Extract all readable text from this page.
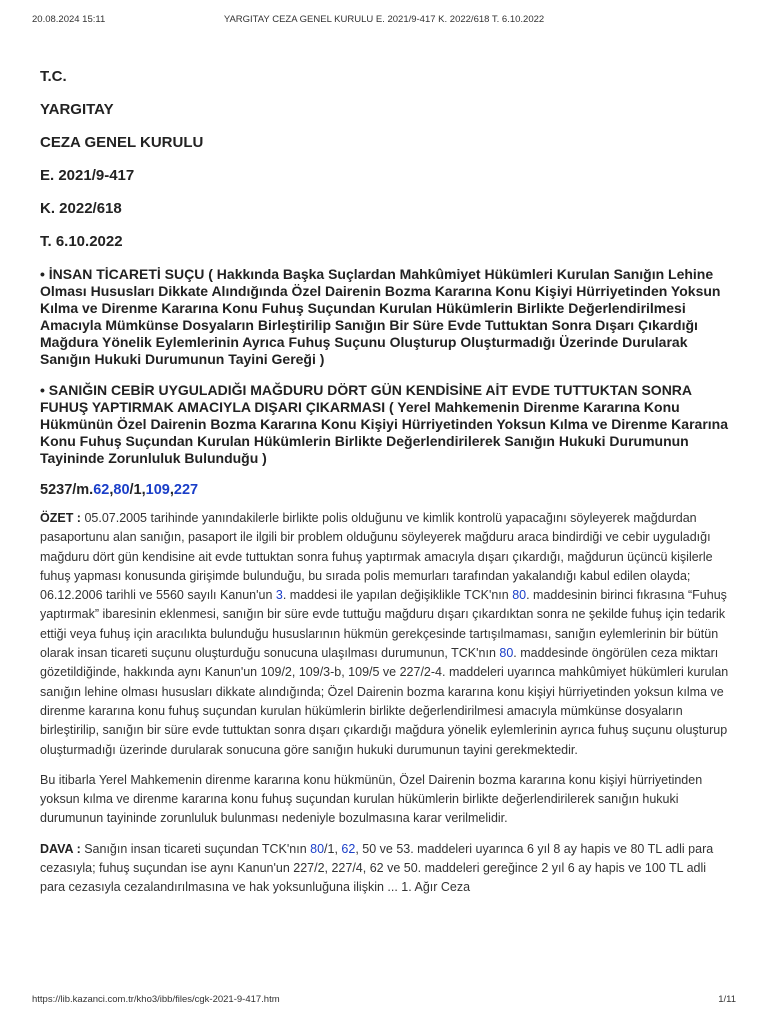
20.08.2024 15:11	YARGITAY CEZA GENEL KURULU E. 2021/9-417 K. 2022/618 T. 6.10.2022
T.C.
YARGITAY
CEZA GENEL KURULU
E. 2021/9-417
K. 2022/618
T. 6.10.2022
• İNSAN TİCARETİ SUÇU ( Hakkında Başka Suçlardan Mahkûmiyet Hükümleri Kurulan Sanığın Lehine Olması Hususları Dikkate Alındığında Özel Dairenin Bozma Kararına Konu Kişiyi Hürriyetinden Yoksun Kılma ve Direnme Kararına Konu Fuhuş Suçundan Kurulan Hükümlerin Birlikte Değerlendirilmesi Amacıyla Mümkünse Dosyaların Birleştirilip Sanığın Bir Süre Evde Tuttuktan Sonra Dışarı Çıkardığı Mağdura Yönelik Eylemlerinin Ayrıca Fuhuş Suçunu Oluşturup Oluşturmadığı Üzerinde Durularak Sanığın Hukuki Durumunun Tayini Gereği )
• SANIĞIN CEBİR UYGULADIĞI MAĞDURU DÖRT GÜN KENDİSİNE AİT EVDE TUTTUKTAN SONRA FUHUŞ YAPTIRMAK AMACIYLA DIŞARI ÇIKARMASI ( Yerel Mahkemenin Direnme Kararına Konu Hükmünün Özel Dairenin Bozma Kararına Konu Kişiyi Hürriyetinden Yoksun Kılma ve Direnme Kararına Konu Fuhuş Suçundan Kurulan Hükümlerin Birlikte Değerlendirilerek Sanığın Hukuki Durumunun Tayininde Zorunluluk Bulunduğu )
5237/m.62,80/1,109,227

ÖZET : 05.07.2005 tarihinde yanındakilerle birlikte polis olduğunu ve kimlik kontrolü yapacağını söyleyerek mağdurdan pasaportunu alan sanığın, pasaport ile ilgili bir problem olduğunu söyleyerek mağduru araca bindirdiği ve cebir uyguladığı mağduru dört gün kendisine ait evde tuttuktan sonra fuhuş yaptırmak amacıyla dışarı çıkardığı, mağdurun üçüncü kişilerle fuhuş yapması konusunda girişimde bulunduğu, bu sırada polis memurları tarafından yakalandığı kabul edilen olayda; 06.12.2006 tarihli ve 5560 sayılı Kanun'un 3. maddesi ile yapılan değişiklikle TCK'nın 80. maddesinin birinci fıkrasına “Fuhuş yaptırmak” ibaresinin eklenmesi, sanığın bir süre evde tuttuğu mağduru dışarı çıkardıktan sonra ne şekilde fuhuş için tedarik ettiği veya fuhuş için aracılıkta bulunduğu hususlarının hükmün gerekçesinde tartışılmaması, sanığın eylemlerinin bir bütün olarak insan ticareti suçunu oluşturduğu sonucuna ulaşılması durumunun, TCK'nın 80. maddesinde öngörülen ceza miktarı gözetildiğinde, hakkında aynı Kanun'un 109/2, 109/3-b, 109/5 ve 227/2-4. maddeleri uyarınca mahkûmiyet hükümleri kurulan sanığın lehine olması hususları dikkate alındığında; Özel Dairenin bozma kararına konu kişiyi hürriyetinden yoksun kılma ve direnme kararına konu fuhuş suçundan kurulan hükümlerin birlikte değerlendirilmesi amacıyla mümkünse dosyaların birleştirilip, sanığın bir süre evde tuttuktan sonra dışarı çıkardığı mağdura yönelik eylemlerinin ayrıca fuhuş suçunu oluşturup oluşturmadığı üzerinde durularak sonucuna göre sanığın hukuki durumunun tayini gerekmektedir.

Bu itibarla Yerel Mahkemenin direnme kararına konu hükmünün, Özel Dairenin bozma kararına konu kişiyi hürriyetinden yoksun kılma ve direnme kararına konu fuhuş suçundan kurulan hükümlerin birlikte değerlendirilerek sanığın hukuki durumunun tayininde zorunluluk bulunması nedeniyle bozulmasına karar verilmelidir.

DAVA : Sanığın insan ticareti suçundan TCK'nın 80/1, 62, 50 ve 53. maddeleri uyarınca 6 yıl 8 ay hapis ve 80 TL adli para cezasıyla; fuhuş suçundan ise aynı Kanun'un 227/2, 227/4, 62 ve 50. maddeleri gereğince 2 yıl 6 ay hapis ve 100 TL adli para cezasıyla cezalandırılmasına ve hak yoksunluğuna ilişkin ... 1. Ağır Ceza

https://lib.kazanci.com.tr/kho3/ibb/files/cgk-2021-9-417.htm	1/11
